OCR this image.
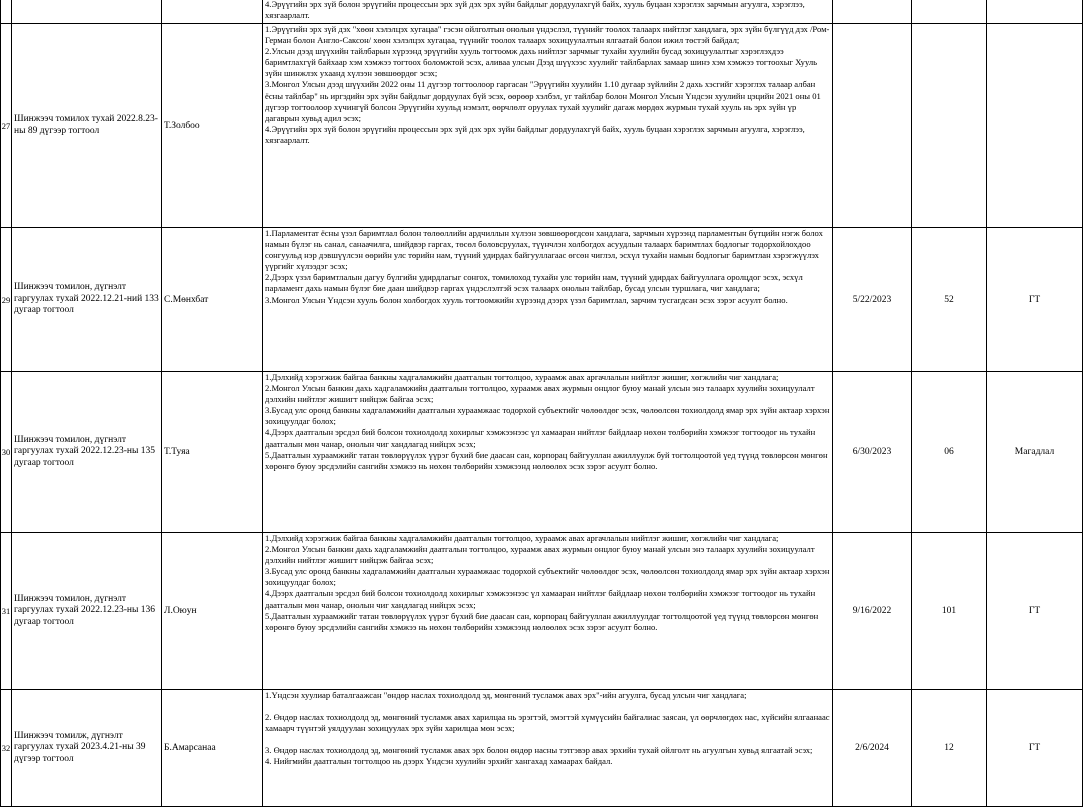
			4.Эрүүгийн эрх зүй болон эрүүгийн процессын эрх зүй дэх эрх зүйн байдлыг дордуулахгүй байх, хууль буцаан хэрэглэх зарчмын агуулга, хэрэглээ, хязгаарлалт.			

27	Шинжээч томилох тухай 2022.8.23-ны 89 дүгээр тогтоол	Т.Золбоо	1.Эрүүгийн эрх зүй дэх "хөөн хэлэлцэх хугацаа" гэсэн ойлголтын онолын үндэслэл, түүнийг тоолох талаарх нийтлэг хандлага, эрх зүйн бүлгүүд дэх /Ром-Герман болон Англо-Саксон/ хөөн хэлэлцэх хугацаа, түүнийг тоолох талаарх зохицуулалтын ялгаатай болон ижил төстэй байдал;
2.Улсын дээд шүүхийн тайлбарын хүрээнд эрүүгийн хууль тогтоомж дахь нийтлэг зарчмыг тухайн хуулийн бусад зохицуулалтыг хэрэглэхдээ баримтлахгүй байхаар хэм хэмжээ тогтоох боломжтой эсэх, аливаа улсын Дээд шүүхээс хуулийг тайлбарлах замаар шинэ хэм хэмжээ тогтоохыг Хууль зүйн шинжлэх ухаанд хүлээн зөвшөөрдөг эсэх;
3.Монгол Улсын дээд шүүхийн 2022 оны 11 дүгээр тогтоолоор гаргасан "Эрүүгийн хуулийн 1.10 дугаар зүйлийн 2 дахь хэсгийг хэрэглэх талаар албан ёсны тайлбар" нь иргэдийн эрх зүйн байдлыг дордуулах бүй эсэх, өөрөөр хэлбэл, уг тайлбар болон Монгол Улсын Үндсэн хуулийн цэцийн 2021 оны 01 дүгээр тогтоолоор хүчингүй болсон Эрүүгийн хуульд нэмэлт, өөрчлөлт оруулах тухай хуулийг дагаж мөрдөх журмын тухай хууль нь эрх зүйн үр дагаврын хувьд адил эсэх;
4.Эрүүгийн эрх зүй болон эрүүгийн процессын эрх зүй дэх эрх зүйн байдлыг дордуулахгүй байх, хууль буцаан хэрэглэх зарчмын агуулга, хэрэглээ, хязгаарлалт.			

29	Шинжээч томилон, дүгнэлт гаргуулах тухай 2022.12.21-ний 133 дугаар тогтоол	С.Мөнхбат	1.Парламентат ёсны үзэл баримтлал болон төлөөллийн ардчиллын хүлээн зөвшөөрөгдсөн хандлага, зарчмын хүрээнд парламентын бүтцийн нэгж болох намын бүлэг нь санал, санаачилга, шийдвэр гаргах, төсөл боловсруулах, түүнчлэн холбогдох асуудлын талаарх баримтлах бодлогыг тодорхойлохдоо сонгуульд нэр дэвшүүлсэн өөрийн улс төрийн нам, түүний удирдах байгууллагаас өгсөн чиглэл, эсхүл тухайн намын бодлогыг баримтлан хэрэгжүүлэх үүргийг хүлээдэг эсэх;
2.Дээрх үзэл баримтлалын дагуу бүлгийн удирдлагыг сонгох, томилоход тухайн улс төрийн нам, түүний удирдах байгууллага оролцдог эсэх, эсхүл парламент дахь намын бүлэг бие даан шийдвэр гаргах үндэслэлтэй эсэх талаарх онолын тайлбар, бусад улсын туршлага, чиг хандлага;
3.Монгол Улсын Үндсэн хууль болон холбогдох хууль тогтоомжийн хүрээнд дээрх үзэл баримтлал, зарчим тусгагдсан эсэх зэрэг асуулт болно.	5/22/2023	52	ГТ
30	Шинжээч томилон, дүгнэлт гаргуулах тухай 2022.12.23-ны 135 дугаар тогтоол	Т.Туяа	1.Дэлхийд хэрэгжиж байгаа банкны хадгаламжийн даатгалын тогтолцоо, хураамж авах аргачлалын нийтлэг жишиг, хөгжлийн чиг хандлага;
2.Монгол Улсын банкин дахь хадгаламжийн даатгалын тогтолцоо, хураамж авах журмын онцлог буюу манай улсын энэ талаарх хуулийн зохицуулалт дэлхийн нийтлэг жишигт нийцэж байгаа эсэх;
3.Бусад улс оронд банкны хадгаламжийн даатгалын хураамжааc тодорхой субъектийг чөлөөлдөг эсэх, чөлөөлсөн тохиолдолд ямар эрх зүйн актаар хэрхэн зохицуулдаг болох;
4.Дээрх даатгалын эрсдэл бий болсон тохиолдолд хохирлыг хэмжээнээс үл хамааран нийтлэг байдлаар нөхөн төлбөрийн хэмжээг тогтоодог нь тухайн даатгалын мөн чанар, онолын чиг хандлагад нийцэх эсэх;
5.Даатгалын хураамжийг татан төвлөрүүлэх үүрэг бүхий бие даасан сан, корпорац байгууллан ажиллуулж буй тогтолцоотой үед түүнд төвлөрсөн мөнгөн хөрөнгө буюу эрсдэлийн сангийн хэмжээ нь нөхөн төлбөрийн хэмжээнд нөлөөлөх эсэх зэрэг асуулт болно.	6/30/2023	06	Магадлал
31	Шинжээч томилон, дүгнэлт гаргуулах тухай 2022.12.23-ны 136 дугаар тогтоол	Л.Оюун	1.Дэлхийд хэрэгжиж байгаа банкны хадгаламжийн даатгалын тогтолцоо, хураамж авах аргачлалын нийтлэг жишиг, хөгжлийн чиг хандлага;
2.Монгол Улсын банкин дахь хадгаламжийн даатгалын тогтолцоо, хураамж авах журмын онцлог буюу манай улсын энэ талаарх хуулийн зохицуулалт дэлхийн нийтлэг жишигт нийцэж байгаа эсэх;
3.Бусад улс оронд банкны хадгаламжийн даатгалын хураамжааc тодорхой субъектийг чөлөөлдөг эсэх, чөлөөлсөн тохиолдолд ямар эрх зүйн актаар хэрхэн зохицуулдаг болох;
4.Дээрх даатгалын эрсдэл бий болсон тохиолдолд хохирлыг хэмжээнээс үл хамааран нийтлэг байдлаар нөхөн төлбөрийн хэмжээг тогтоодог нь тухайн даатгалын мөн чанар, онолын чиг хандлагад нийцэх эсэх;
5.Даатгалын хураамжийг татан төвлөрүүлэх үүрэг бүхий бие даасан сан, корпорац байгууллан ажиллуулдаг тогтолцоотой үед түүнд төвлөрсөн мөнгөн хөрөнгө буюу эрсдэлийн сангийн хэмжээ нь нөхөн төлбөрийн хэмжээнд нөлөөлөх эсэх зэрэг асуулт болно.	9/16/2022	101	ГТ
32	Шинжээч томилж, дүгнэлт гаргуулах тухай 2023.4.21-ны 39 дүгээр тогтоол	Б.Амарсанаа	1.Үндсэн хуулиар баталгаажсан "өндөр наслах тохиолдолд эд, мөнгөний тусламж авах эрх"-ийн агуулга, бусад улсын чиг хандлага;
2. Өндөр наслах тохиолдолд эд, мөнгөний тусламж авах харилцаа нь эрэгтэй, эмэгтэй хүмүүсийн байгалиас заясан, үл өөрчлөгдөх нас, хүйсийн ялгаанаас хамаарч түүнтэй уялдуулан зохицуулах эрх зүйн харилцаа мөн эсэх;
3. Өндөр наслах тохиолдолд эд, мөнгөний тусламж авах эрх болон өндөр насны тэтгэвэр авах эрхийн тухай ойлголт нь агуулгын хувьд ялгаатай эсэх;
4. Нийгмийн даатгалын тогтолцоо нь дээрх Үндсэн хуулийн эрхийг хангахад хамаарах байдал.	2/6/2024	12	ГТ
